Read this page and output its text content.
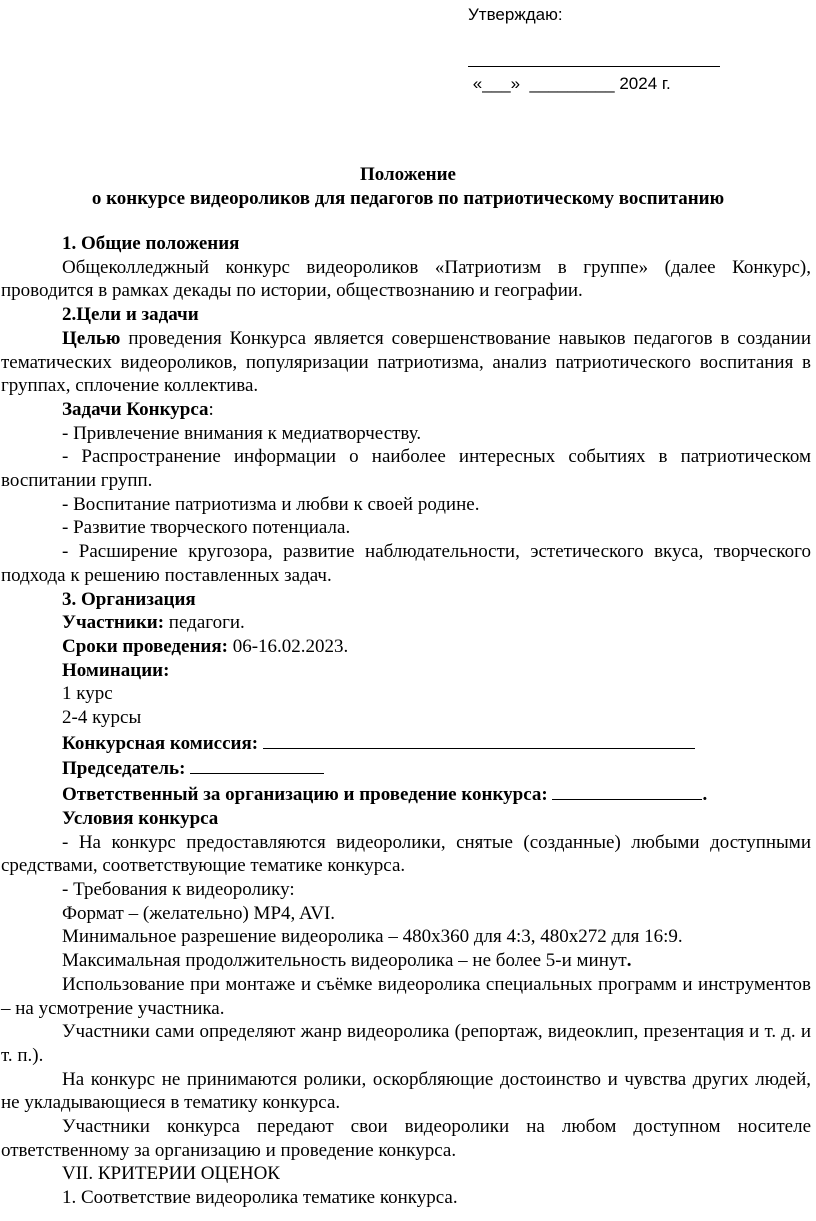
Утверждаю:
«___» _________ 2024 г.
Положение
о конкурсе видеороликов для педагогов по патриотическому воспитанию

1. Общие положения

Общеколледжный конкурс видеороликов «Патриотизм в группе» (далее Конкурс), проводится в рамках декады по истории, обществознанию и географии.

2.Цели и задачи

Целью проведения Конкурса является совершенствование навыков педагогов в создании тематических видеороликов, популяризации патриотизма, анализ патриотического воспитания в группах, сплочение коллектива.

Задачи Конкурса:

- Привлечение внимания к медиатворчеству.

- Распространение информации о наиболее интересных событиях в патриотическом воспитании групп.

- Воспитание патриотизма и любви к своей родине.

- Развитие творческого потенциала.

- Расширение кругозора, развитие наблюдательности, эстетического вкуса, творческого подхода к решению поставленных задач.

3. Организация

Участники: педагоги.

Сроки проведения: 06-16.02.2023.

Номинации:

1 курс

2-4 курсы

Конкурсная комиссия:

Председатель:

Ответственный за организацию и проведение конкурса:	.

Условия конкурса

- На конкурс предоставляются видеоролики, снятые (созданные) любыми доступными средствами, соответствующие тематике конкурса.

- Требования к видеоролику:

Формат – (желательно) MP4, AVI.

Минимальное разрешение видеоролика – 480x360 для 4:3, 480x272 для 16:9.

Максимальная продолжительность видеоролика – не более 5-и минут.

Использование при монтаже и съёмке видеоролика специальных программ и инструментов – на усмотрение участника.

Участники сами определяют жанр видеоролика (репортаж, видеоклип, презентация и т. д. и т. п.).

На конкурс не принимаются ролики, оскорбляющие достоинство и чувства других людей, не укладывающиеся в тематику конкурса.

Участники конкурса передают свои видеоролики на любом доступном носителе ответственному за организацию и проведение конкурса.

VII. КРИТЕРИИ ОЦЕНОК

1. Соответствие видеоролика тематике конкурса.
